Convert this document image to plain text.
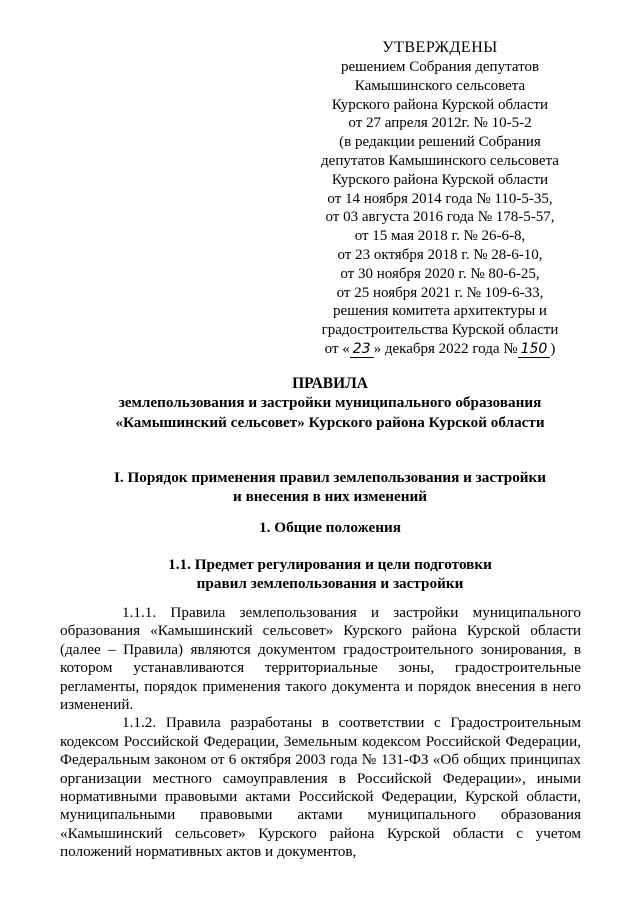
УТВЕРЖДЕНЫ
решением Собрания депутатов
Камышинского сельсовета
Курского района Курской области
от 27 апреля 2012г. № 10-5-2
(в редакции решений Собрания
депутатов Камышинского сельсовета
Курского района Курской области
от 14 ноября 2014 года № 110-5-35,
от 03 августа 2016 года № 178-5-57,
от 15 мая 2018 г. № 26-6-8,
от 23 октября 2018 г. № 28-6-10,
от 30 ноября 2020 г. № 80-6-25,
от 25 ноября 2021 г. № 109-6-33,
решения комитета архитектуры и
градостроительства Курской области
от « 23 » декабря 2022 года № 150 )
ПРАВИЛА
землепользования и застройки муниципального образования
«Камышинский сельсовет» Курского района Курской области
I. Порядок применения правил землепользования и застройки
и внесения в них изменений
1. Общие положения
1.1. Предмет регулирования и цели подготовки
правил землепользования и застройки

1.1.1. Правила землепользования и застройки муниципального образования «Камышинский сельсовет» Курского района Курской области (далее – Правила) являются документом градостроительного зонирования, в котором устанавливаются территориальные зоны, градостроительные регламенты, порядок применения такого документа и порядок внесения в него изменений.

1.1.2. Правила разработаны в соответствии с Градостроительным кодексом Российской Федерации, Земельным кодексом Российской Федерации, Федеральным законом от 6 октября 2003 года № 131-ФЗ «Об общих принципах организации местного самоуправления в Российской Федерации», иными нормативными правовыми актами Российской Федерации, Курской области, муниципальными правовыми актами муниципального образования «Камышинский сельсовет» Курского района Курской области с учетом положений нормативных актов и документов,
